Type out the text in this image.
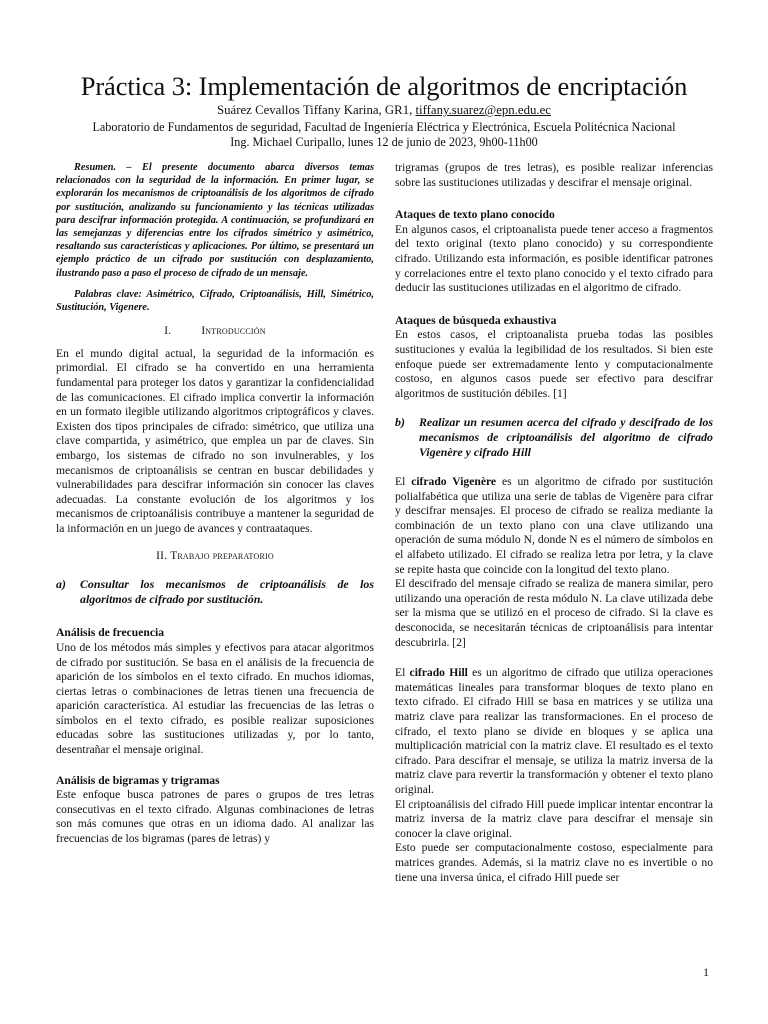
Práctica 3: Implementación de algoritmos de encriptación
Suárez Cevallos Tiffany Karina, GR1, tiffany.suarez@epn.edu.ec
Laboratorio de Fundamentos de seguridad, Facultad de Ingeniería Eléctrica y Electrónica, Escuela Politécnica Nacional
Ing. Michael Curipallo, lunes 12 de junio de 2023, 9h00-11h00

Resumen. – El presente documento abarca diversos temas relacionados con la seguridad de la información. En primer lugar, se explorarán los mecanismos de criptoanálisis de los algoritmos de cifrado por sustitución, analizando su funcionamiento y las técnicas utilizadas para descifrar información protegida. A continuación, se profundizará en las semejanzas y diferencias entre los cifrados simétrico y asimétrico, resaltando sus características y aplicaciones. Por último, se presentará un ejemplo práctico de un cifrado por sustitución con desplazamiento, ilustrando paso a paso el proceso de cifrado de un mensaje.

Palabras clave: Asimétrico, Cifrado, Criptoanálisis, Hill, Simétrico, Sustitución, Vigenere.

I.	Introducción

En el mundo digital actual, la seguridad de la información es primordial. El cifrado se ha convertido en una herramienta fundamental para proteger los datos y garantizar la confidencialidad de las comunicaciones. El cifrado implica convertir la información en un formato ilegible utilizando algoritmos criptográficos y claves. Existen dos tipos principales de cifrado: simétrico, que utiliza una clave compartida, y asimétrico, que emplea un par de claves. Sin embargo, los sistemas de cifrado no son invulnerables, y los mecanismos de criptoanálisis se centran en buscar debilidades y vulnerabilidades para descifrar información sin conocer las claves adecuadas. La constante evolución de los algoritmos y los mecanismos de criptoanálisis contribuye a mantener la seguridad de la información en un juego de avances y contraataques.

II. Trabajo preparatorio
a)	Consultar los mecanismos de criptoanálisis de los algoritmos de cifrado por sustitución.

Análisis de frecuencia

Uno de los métodos más simples y efectivos para atacar algoritmos de cifrado por sustitución. Se basa en el análisis de la frecuencia de aparición de los símbolos en el texto cifrado. En muchos idiomas, ciertas letras o combinaciones de letras tienen una frecuencia de aparición característica. Al estudiar las frecuencias de las letras o símbolos en el texto cifrado, es posible realizar suposiciones educadas sobre las sustituciones utilizadas y, por lo tanto, desentrañar el mensaje original.

Análisis de bigramas y trigramas

Este enfoque busca patrones de pares o grupos de tres letras consecutivas en el texto cifrado. Algunas combinaciones de letras son más comunes que otras en un idioma dado. Al analizar las frecuencias de los bigramas (pares de letras) y

trigramas (grupos de tres letras), es posible realizar inferencias sobre las sustituciones utilizadas y descifrar el mensaje original.

Ataques de texto plano conocido

En algunos casos, el criptoanalista puede tener acceso a fragmentos del texto original (texto plano conocido) y su correspondiente cifrado. Utilizando esta información, es posible identificar patrones y correlaciones entre el texto plano conocido y el texto cifrado para deducir las sustituciones utilizadas en el algoritmo de cifrado.

Ataques de búsqueda exhaustiva

En estos casos, el criptoanalista prueba todas las posibles sustituciones y evalúa la legibilidad de los resultados. Si bien este enfoque puede ser extremadamente lento y computacionalmente costoso, en algunos casos puede ser efectivo para descifrar algoritmos de sustitución débiles. [1]

b)	Realizar un resumen acerca del cifrado y descifrado de los mecanismos de criptoanálisis del algoritmo de cifrado Vigenère y cifrado Hill

El cifrado Vigenère es un algoritmo de cifrado por sustitución polialfabética que utiliza una serie de tablas de Vigenère para cifrar y descifrar mensajes. El proceso de cifrado se realiza mediante la combinación de un texto plano con una clave utilizando una operación de suma módulo N, donde N es el número de símbolos en el alfabeto utilizado. El cifrado se realiza letra por letra, y la clave se repite hasta que coincide con la longitud del texto plano.

El descifrado del mensaje cifrado se realiza de manera similar, pero utilizando una operación de resta módulo N. La clave utilizada debe ser la misma que se utilizó en el proceso de cifrado. Si la clave es desconocida, se necesitarán técnicas de criptoanálisis para intentar descubrirla. [2]

El cifrado Hill es un algoritmo de cifrado que utiliza operaciones matemáticas lineales para transformar bloques de texto plano en texto cifrado. El cifrado Hill se basa en matrices y se utiliza una matriz clave para realizar las transformaciones. En el proceso de cifrado, el texto plano se divide en bloques y se aplica una multiplicación matricial con la matriz clave. El resultado es el texto cifrado. Para descifrar el mensaje, se utiliza la matriz inversa de la matriz clave para revertir la transformación y obtener el texto plano original.

El criptoanálisis del cifrado Hill puede implicar intentar encontrar la matriz inversa de la matriz clave para descifrar el mensaje sin conocer la clave original.

Esto puede ser computacionalmente costoso, especialmente para matrices grandes. Además, si la matriz clave no es invertible o no tiene una inversa única, el cifrado Hill puede ser

1
